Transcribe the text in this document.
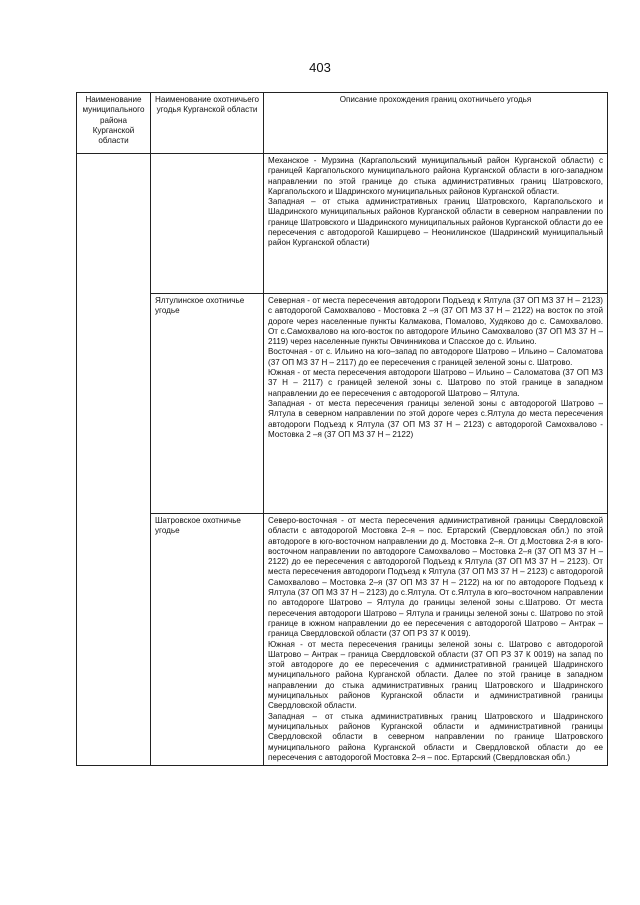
403
Наименование муниципального района Курганской области	Наименование охотничьего угодья Курганской области	Описание прохождения границ охотничьего угодья

		Механское - Мурзина (Каргапольский муниципальный район Курганской области) с границей Каргапольского муниципального района Курганской области в юго-западном направлении по этой границе до стыка административных границ Шатровского, Каргапольского и Шадринского муниципальных районов Курганской области.

Западная – от стыка административных границ Шатровского, Каргапольского и Шадринского муниципальных районов Курганской области в северном направлении по границе Шатровского и Шадринского муниципальных районов Курганской области до ее пересечения с автодорогой Каширцево – Неонилинское (Шадринский муниципальный район Курганской области)

	Ялтулинское охотничье угодье	Северная - от места пересечения автодороги Подъезд к Ялтула (37 ОП МЗ 37 Н – 2123) с автодорогой Самохвалово - Мостовка 2 –я (37 ОП МЗ 37 Н – 2122) на восток по этой дороге через населенные пункты Калмакова, Помалово, Худяково до с. Самохвалово. От с.Самохвалово на юго-восток по автодороге Ильино Самохвалово (37 ОП МЗ 37 Н – 2119) через населенные пункты Овчинникова и Спасское до с. Ильино.

Восточная - от с. Ильино на юго–запад по автодороге Шатрово – Ильино – Саломатова (37 ОП МЗ 37 Н – 2117) до ее пересечения с границей зеленой зоны с. Шатрово.

Южная - от места пересечения автодороги Шатрово – Ильино – Саломатова (37 ОП МЗ 37 Н – 2117) с границей зеленой зоны с. Шатрово по этой границе в западном направлении до ее пересечения с автодорогой Шатрово – Ялтула.

Западная - от места пересечения границы зеленой зоны с автодорогой Шатрово – Ялтула в северном направлении по этой дороге через с.Ялтула до места пересечения автодороги Подъезд к Ялтула (37 ОП МЗ 37 Н – 2123) с автодорогой Самохвалово - Мостовка 2 –я (37 ОП МЗ 37 Н – 2122)

	Шатровское охотничье угодье	Северо-восточная - от места пересечения административной границы Свердловской области с автодорогой Мостовка 2–я – пос. Ертарский (Свердловская обл.) по этой автодороге в юго-восточном направлении до д. Мостовка 2–я. От д.Мостовка 2-я в юго-восточном направлении по автодороге Самохвалово – Мостовка 2–я (37 ОП МЗ 37 Н – 2122) до ее пересечения с автодорогой Подъезд к Ялтула (37 ОП МЗ 37 Н – 2123). От места пересечения автодороги Подъезд к Ялтула (37 ОП МЗ 37 Н – 2123) с автодорогой Самохвалово – Мостовка 2–я (37 ОП МЗ 37 Н – 2122) на юг по автодороге Подъезд к Ялтула (37 ОП МЗ 37 Н – 2123) до с.Ялтула. От с.Ялтула в юго–восточном направлении по автодороге Шатрово – Ялтула до границы зеленой зоны с.Шатрово. От места пересечения автодороги Шатрово – Ялтула и границы зеленой зоны с. Шатрово по этой границе в южном направлении до ее пересечения с автодорогой Шатрово – Антрак – граница Свердловской области (37 ОП РЗ 37 К 0019).

Южная - от места пересечения границы зеленой зоны с. Шатрово с автодорогой Шатрово – Антрак – граница Свердловской области (37 ОП РЗ 37 К 0019) на запад по этой автодороге до ее пересечения с административной границей Шадринского муниципального района Курганской области. Далее по этой границе в западном направлении до стыка административных границ Шатровского и Шадринского муниципальных районов Курганской области и административной границы Свердловской области.

Западная – от стыка административных границ Шатровского и Шадринского муниципальных районов Курганской области и административной границы Свердловской области в северном направлении по границе Шатровского муниципального района Курганской области и Свердловской области до ее пересечения с автодорогой Мостовка 2–я – пос. Ертарский (Свердловская обл.)
